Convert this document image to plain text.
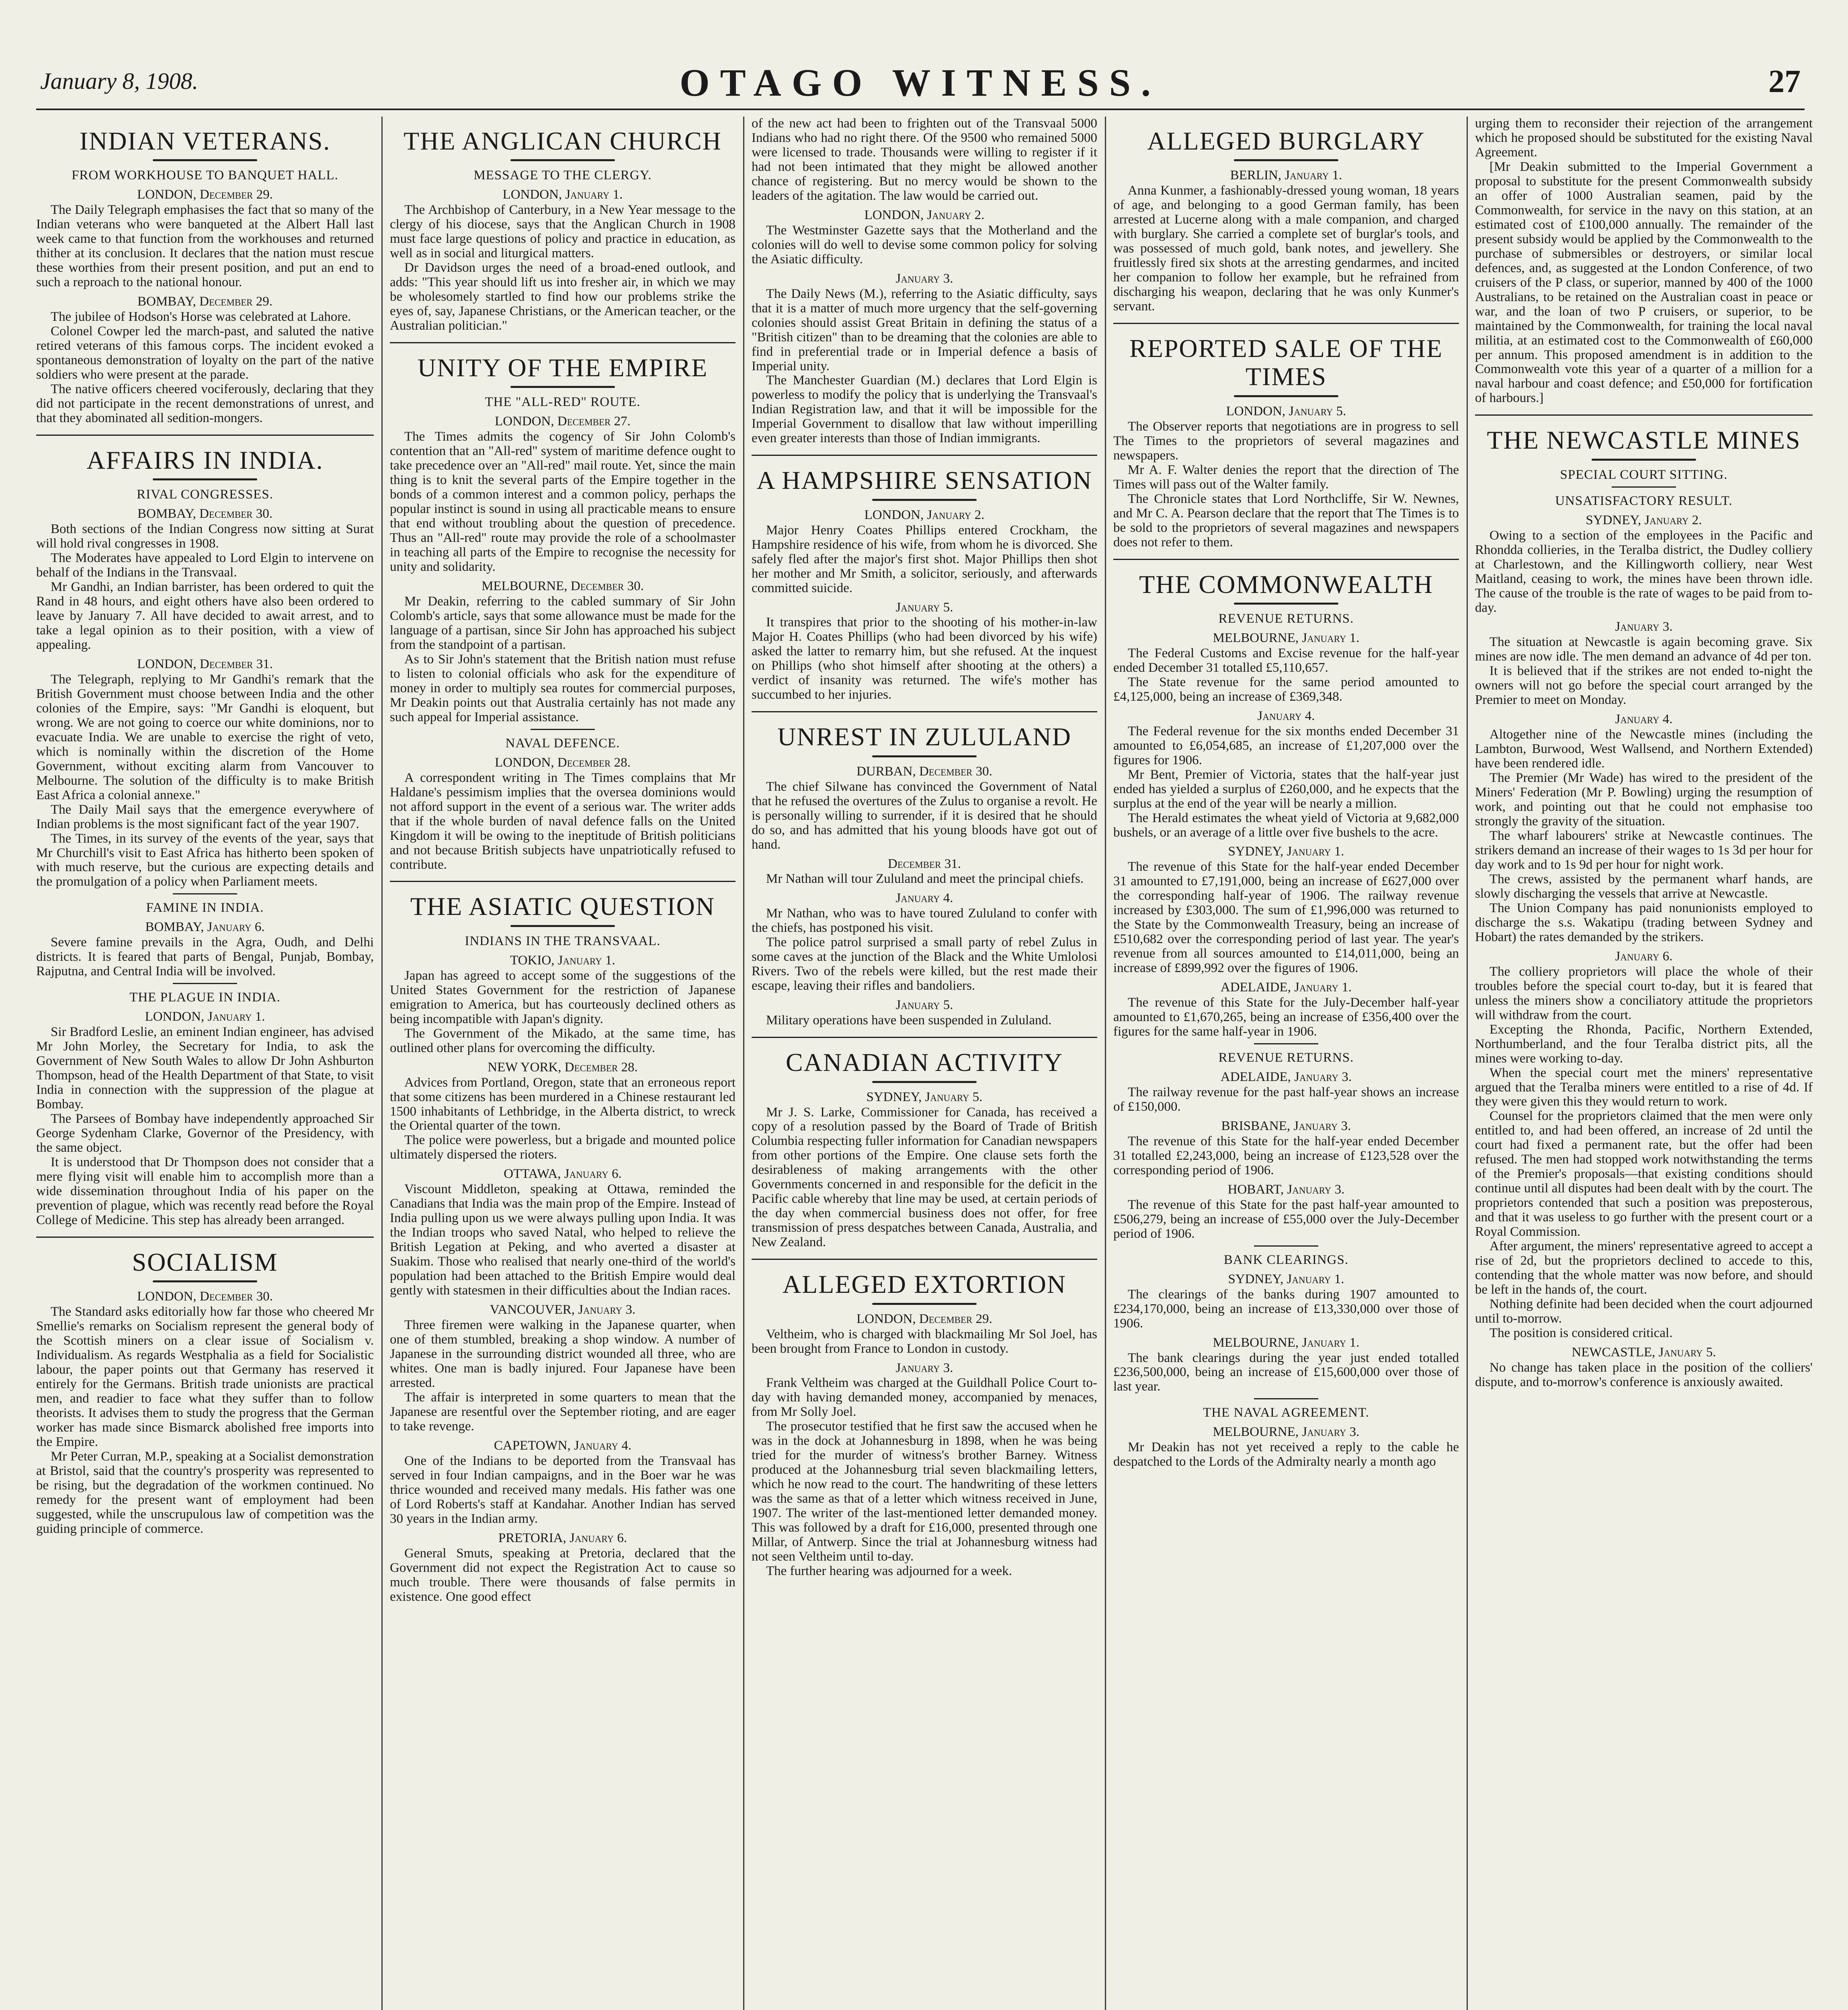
January 8, 1908.	OTAGO WITNESS.	27
INDIAN VETERANS.
FROM WORKHOUSE TO BANQUET HALL.
LONDON, December 29.

The Daily Telegraph emphasises the fact that so many of the Indian veterans who were banqueted at the Albert Hall last week came to that function from the workhouses and returned thither at its conclusion. It declares that the nation must rescue these worthies from their present position, and put an end to such a reproach to the national honour.

BOMBAY, December 29.

The jubilee of Hodson's Horse was celebrated at Lahore.

Colonel Cowper led the march-past, and saluted the native retired veterans of this famous corps. The incident evoked a spontaneous demonstration of loyalty on the part of the native soldiers who were present at the parade.

The native officers cheered vociferously, declaring that they did not participate in the recent demonstrations of unrest, and that they abominated all sedition-mongers.

AFFAIRS IN INDIA.
RIVAL CONGRESSES.
BOMBAY, December 30.

Both sections of the Indian Congress now sitting at Surat will hold rival congresses in 1908.

The Moderates have appealed to Lord Elgin to intervene on behalf of the Indians in the Transvaal.

Mr Gandhi, an Indian barrister, has been ordered to quit the Rand in 48 hours, and eight others have also been ordered to leave by January 7. All have decided to await arrest, and to take a legal opinion as to their position, with a view of appealing.

LONDON, December 31.

The Telegraph, replying to Mr Gandhi's remark that the British Government must choose between India and the other colonies of the Empire, says: "Mr Gandhi is eloquent, but wrong. We are not going to coerce our white dominions, nor to evacuate India. We are unable to exercise the right of veto, which is nominally within the discretion of the Home Government, without exciting alarm from Vancouver to Melbourne. The solution of the difficulty is to make British East Africa a colonial annexe."

The Daily Mail says that the emergence everywhere of Indian problems is the most significant fact of the year 1907.

The Times, in its survey of the events of the year, says that Mr Churchill's visit to East Africa has hitherto been spoken of with much reserve, but the curious are expecting details and the promulgation of a policy when Parliament meets.

FAMINE IN INDIA.
BOMBAY, January 6.

Severe famine prevails in the Agra, Oudh, and Delhi districts. It is feared that parts of Bengal, Punjab, Bombay, Rajputna, and Central India will be involved.

THE PLAGUE IN INDIA.
LONDON, January 1.

Sir Bradford Leslie, an eminent Indian engineer, has advised Mr John Morley, the Secretary for India, to ask the Government of New South Wales to allow Dr John Ashburton Thompson, head of the Health Department of that State, to visit India in connection with the suppression of the plague at Bombay.

The Parsees of Bombay have independently approached Sir George Sydenham Clarke, Governor of the Presidency, with the same object.

It is understood that Dr Thompson does not consider that a mere flying visit will enable him to accomplish more than a wide dissemination throughout India of his paper on the prevention of plague, which was recently read before the Royal College of Medicine. This step has already been arranged.

SOCIALISM
LONDON, December 30.

The Standard asks editorially how far those who cheered Mr Smellie's remarks on Socialism represent the general body of the Scottish miners on a clear issue of Socialism v. Individualism. As regards Westphalia as a field for Socialistic labour, the paper points out that Germany has reserved it entirely for the Germans. British trade unionists are practical men, and readier to face what they suffer than to follow theorists. It advises them to study the progress that the German worker has made since Bismarck abolished free imports into the Empire.

Mr Peter Curran, M.P., speaking at a Socialist demonstration at Bristol, said that the country's prosperity was represented to be rising, but the degradation of the workmen continued. No remedy for the present want of employment had been suggested, while the unscrupulous law of competition was the guiding principle of commerce.

THE ANGLICAN CHURCH
MESSAGE TO THE CLERGY.
LONDON, January 1.

The Archbishop of Canterbury, in a New Year message to the clergy of his diocese, says that the Anglican Church in 1908 must face large questions of policy and practice in education, as well as in social and liturgical matters.

Dr Davidson urges the need of a broad-ened outlook, and adds: "This year should lift us into fresher air, in which we may be wholesomely startled to find how our problems strike the eyes of, say, Japanese Christians, or the American teacher, or the Australian politician."

UNITY OF THE EMPIRE
THE "ALL-RED" ROUTE.
LONDON, December 27.

The Times admits the cogency of Sir John Colomb's contention that an "All-red" system of maritime defence ought to take precedence over an "All-red" mail route. Yet, since the main thing is to knit the several parts of the Empire together in the bonds of a common interest and a common policy, perhaps the popular instinct is sound in using all practicable means to ensure that end without troubling about the question of precedence. Thus an "All-red" route may provide the role of a schoolmaster in teaching all parts of the Empire to recognise the necessity for unity and solidarity.

MELBOURNE, December 30.

Mr Deakin, referring to the cabled summary of Sir John Colomb's article, says that some allowance must be made for the language of a partisan, since Sir John has approached his subject from the standpoint of a partisan.

As to Sir John's statement that the British nation must refuse to listen to colonial officials who ask for the expenditure of money in order to multiply sea routes for commercial purposes, Mr Deakin points out that Australia certainly has not made any such appeal for Imperial assistance.

NAVAL DEFENCE.
LONDON, December 28.

A correspondent writing in The Times complains that Mr Haldane's pessimism implies that the oversea dominions would not afford support in the event of a serious war. The writer adds that if the whole burden of naval defence falls on the United Kingdom it will be owing to the ineptitude of British politicians and not because British subjects have unpatriotically refused to contribute.

THE ASIATIC QUESTION
INDIANS IN THE TRANSVAAL.
TOKIO, January 1.

Japan has agreed to accept some of the suggestions of the United States Government for the restriction of Japanese emigration to America, but has courteously declined others as being incompatible with Japan's dignity.

The Government of the Mikado, at the same time, has outlined other plans for overcoming the difficulty.

NEW YORK, December 28.

Advices from Portland, Oregon, state that an erroneous report that some citizens has been murdered in a Chinese restaurant led 1500 inhabitants of Lethbridge, in the Alberta district, to wreck the Oriental quarter of the town.

The police were powerless, but a brigade and mounted police ultimately dispersed the rioters.

OTTAWA, January 6.

Viscount Middleton, speaking at Ottawa, reminded the Canadians that India was the main prop of the Empire. Instead of India pulling upon us we were always pulling upon India. It was the Indian troops who saved Natal, who helped to relieve the British Legation at Peking, and who averted a disaster at Suakim. Those who realised that nearly one-third of the world's population had been attached to the British Empire would deal gently with statesmen in their difficulties about the Indian races.

VANCOUVER, January 3.

Three firemen were walking in the Japanese quarter, when one of them stumbled, breaking a shop window. A number of Japanese in the surrounding district wounded all three, who are whites. One man is badly injured. Four Japanese have been arrested.

The affair is interpreted in some quarters to mean that the Japanese are resentful over the September rioting, and are eager to take revenge.

CAPETOWN, January 4.

One of the Indians to be deported from the Transvaal has served in four Indian campaigns, and in the Boer war he was thrice wounded and received many medals. His father was one of Lord Roberts's staff at Kandahar. Another Indian has served 30 years in the Indian army.

PRETORIA, January 6.

General Smuts, speaking at Pretoria, declared that the Government did not expect the Registration Act to cause so much trouble. There were thousands of false permits in existence. One good effect

of the new act had been to frighten out of the Transvaal 5000 Indians who had no right there. Of the 9500 who remained 5000 were licensed to trade. Thousands were willing to register if it had not been intimated that they might be allowed another chance of registering. But no mercy would be shown to the leaders of the agitation. The law would be carried out.

LONDON, January 2.

The Westminster Gazette says that the Motherland and the colonies will do well to devise some common policy for solving the Asiatic difficulty.

January 3.

The Daily News (M.), referring to the Asiatic difficulty, says that it is a matter of much more urgency that the self-governing colonies should assist Great Britain in defining the status of a "British citizen" than to be dreaming that the colonies are able to find in preferential trade or in Imperial defence a basis of Imperial unity.

The Manchester Guardian (M.) declares that Lord Elgin is powerless to modify the policy that is underlying the Transvaal's Indian Registration law, and that it will be impossible for the Imperial Government to disallow that law without imperilling even greater interests than those of Indian immigrants.

A HAMPSHIRE SENSATION
LONDON, January 2.

Major Henry Coates Phillips entered Crockham, the Hampshire residence of his wife, from whom he is divorced. She safely fled after the major's first shot. Major Phillips then shot her mother and Mr Smith, a solicitor, seriously, and afterwards committed suicide.

January 5.

It transpires that prior to the shooting of his mother-in-law Major H. Coates Phillips (who had been divorced by his wife) asked the latter to remarry him, but she refused. At the inquest on Phillips (who shot himself after shooting at the others) a verdict of insanity was returned. The wife's mother has succumbed to her injuries.

UNREST IN ZULULAND
DURBAN, December 30.

The chief Silwane has convinced the Government of Natal that he refused the overtures of the Zulus to organise a revolt. He is personally willing to surrender, if it is desired that he should do so, and has admitted that his young bloods have got out of hand.

December 31.

Mr Nathan will tour Zululand and meet the principal chiefs.

January 4.

Mr Nathan, who was to have toured Zululand to confer with the chiefs, has postponed his visit.

The police patrol surprised a small party of rebel Zulus in some caves at the junction of the Black and the White Umlolosi Rivers. Two of the rebels were killed, but the rest made their escape, leaving their rifles and bandoliers.

January 5.

Military operations have been suspended in Zululand.

CANADIAN ACTIVITY
SYDNEY, January 5.

Mr J. S. Larke, Commissioner for Canada, has received a copy of a resolution passed by the Board of Trade of British Columbia respecting fuller information for Canadian newspapers from other portions of the Empire. One clause sets forth the desirableness of making arrangements with the other Governments concerned in and responsible for the deficit in the Pacific cable whereby that line may be used, at certain periods of the day when commercial business does not offer, for free transmission of press despatches between Canada, Australia, and New Zealand.

ALLEGED EXTORTION
LONDON, December 29.

Veltheim, who is charged with blackmailing Mr Sol Joel, has been brought from France to London in custody.

January 3.

Frank Veltheim was charged at the Guildhall Police Court to-day with having demanded money, accompanied by menaces, from Mr Solly Joel.

The prosecutor testified that he first saw the accused when he was in the dock at Johannesburg in 1898, when he was being tried for the murder of witness's brother Barney. Witness produced at the Johannesburg trial seven blackmailing letters, which he now read to the court. The handwriting of these letters was the same as that of a letter which witness received in June, 1907. The writer of the last-mentioned letter demanded money. This was followed by a draft for £16,000, presented through one Millar, of Antwerp. Since the trial at Johannesburg witness had not seen Veltheim until to-day.

The further hearing was adjourned for a week.

ALLEGED BURGLARY
BERLIN, January 1.

Anna Kunmer, a fashionably-dressed young woman, 18 years of age, and belonging to a good German family, has been arrested at Lucerne along with a male companion, and charged with burglary. She carried a complete set of burglar's tools, and was possessed of much gold, bank notes, and jewellery. She fruitlessly fired six shots at the arresting gendarmes, and incited her companion to follow her example, but he refrained from discharging his weapon, declaring that he was only Kunmer's servant.

REPORTED SALE OF THE TIMES
LONDON, January 5.

The Observer reports that negotiations are in progress to sell The Times to the proprietors of several magazines and newspapers.

Mr A. F. Walter denies the report that the direction of The Times will pass out of the Walter family.

The Chronicle states that Lord Northcliffe, Sir W. Newnes, and Mr C. A. Pearson declare that the report that The Times is to be sold to the proprietors of several magazines and newspapers does not refer to them.

THE COMMONWEALTH
REVENUE RETURNS.
MELBOURNE, January 1.

The Federal Customs and Excise revenue for the half-year ended December 31 totalled £5,110,657.

The State revenue for the same period amounted to £4,125,000, being an increase of £369,348.

January 4.

The Federal revenue for the six months ended December 31 amounted to £6,054,685, an increase of £1,207,000 over the figures for 1906.

Mr Bent, Premier of Victoria, states that the half-year just ended has yielded a surplus of £260,000, and he expects that the surplus at the end of the year will be nearly a million.

The Herald estimates the wheat yield of Victoria at 9,682,000 bushels, or an average of a little over five bushels to the acre.

SYDNEY, January 1.

The revenue of this State for the half-year ended December 31 amounted to £7,191,000, being an increase of £627,000 over the corresponding half-year of 1906. The railway revenue increased by £303,000. The sum of £1,996,000 was returned to the State by the Commonwealth Treasury, being an increase of £510,682 over the corresponding period of last year. The year's revenue from all sources amounted to £14,011,000, being an increase of £899,992 over the figures of 1906.

ADELAIDE, January 1.

The revenue of this State for the July-December half-year amounted to £1,670,265, being an increase of £356,400 over the figures for the same half-year in 1906.

REVENUE RETURNS.
ADELAIDE, January 3.

The railway revenue for the past half-year shows an increase of £150,000.

BRISBANE, January 3.

The revenue of this State for the half-year ended December 31 totalled £2,243,000, being an increase of £123,528 over the corresponding period of 1906.

HOBART, January 3.

The revenue of this State for the past half-year amounted to £506,279, being an increase of £55,000 over the July-December period of 1906.

BANK CLEARINGS.
SYDNEY, January 1.

The clearings of the banks during 1907 amounted to £234,170,000, being an increase of £13,330,000 over those of 1906.

MELBOURNE, January 1.

The bank clearings during the year just ended totalled £236,500,000, being an increase of £15,600,000 over those of last year.

THE NAVAL AGREEMENT.
MELBOURNE, January 3.

Mr Deakin has not yet received a reply to the cable he despatched to the Lords of the Admiralty nearly a month ago

urging them to reconsider their rejection of the arrangement which he proposed should be substituted for the existing Naval Agreement.

[Mr Deakin submitted to the Imperial Government a proposal to substitute for the present Commonwealth subsidy an offer of 1000 Australian seamen, paid by the Commonwealth, for service in the navy on this station, at an estimated cost of £100,000 annually. The remainder of the present subsidy would be applied by the Commonwealth to the purchase of submersibles or destroyers, or similar local defences, and, as suggested at the London Conference, of two cruisers of the P class, or superior, manned by 400 of the 1000 Australians, to be retained on the Australian coast in peace or war, and the loan of two P cruisers, or superior, to be maintained by the Commonwealth, for training the local naval militia, at an estimated cost to the Commonwealth of £60,000 per annum. This proposed amendment is in addition to the Commonwealth vote this year of a quarter of a million for a naval harbour and coast defence; and £50,000 for fortification of harbours.]

THE NEWCASTLE MINES
SPECIAL COURT SITTING.
UNSATISFACTORY RESULT.
SYDNEY, January 2.

Owing to a section of the employees in the Pacific and Rhondda collieries, in the Teralba district, the Dudley colliery at Charlestown, and the Killingworth colliery, near West Maitland, ceasing to work, the mines have been thrown idle. The cause of the trouble is the rate of wages to be paid from to-day.

January 3.

The situation at Newcastle is again becoming grave. Six mines are now idle. The men demand an advance of 4d per ton.

It is believed that if the strikes are not ended to-night the owners will not go before the special court arranged by the Premier to meet on Monday.

January 4.

Altogether nine of the Newcastle mines (including the Lambton, Burwood, West Wallsend, and Northern Extended) have been rendered idle.

The Premier (Mr Wade) has wired to the president of the Miners' Federation (Mr P. Bowling) urging the resumption of work, and pointing out that he could not emphasise too strongly the gravity of the situation.

The wharf labourers' strike at Newcastle continues. The strikers demand an increase of their wages to 1s 3d per hour for day work and to 1s 9d per hour for night work.

The crews, assisted by the permanent wharf hands, are slowly discharging the vessels that arrive at Newcastle.

The Union Company has paid nonunionists employed to discharge the s.s. Wakatipu (trading between Sydney and Hobart) the rates demanded by the strikers.

January 6.

The colliery proprietors will place the whole of their troubles before the special court to-day, but it is feared that unless the miners show a conciliatory attitude the proprietors will withdraw from the court.

Excepting the Rhonda, Pacific, Northern Extended, Northumberland, and the four Teralba district pits, all the mines were working to-day.

When the special court met the miners' representative argued that the Teralba miners were entitled to a rise of 4d. If they were given this they would return to work.

Counsel for the proprietors claimed that the men were only entitled to, and had been offered, an increase of 2d until the court had fixed a permanent rate, but the offer had been refused. The men had stopped work notwithstanding the terms of the Premier's proposals—that existing conditions should continue until all disputes had been dealt with by the court. The proprietors contended that such a position was preposterous, and that it was useless to go further with the present court or a Royal Commission.

After argument, the miners' representative agreed to accept a rise of 2d, but the proprietors declined to accede to this, contending that the whole matter was now before, and should be left in the hands of, the court.

Nothing definite had been decided when the court adjourned until to-morrow.

The position is considered critical.

NEWCASTLE, January 5.

No change has taken place in the position of the colliers' dispute, and to-morrow's conference is anxiously awaited.
